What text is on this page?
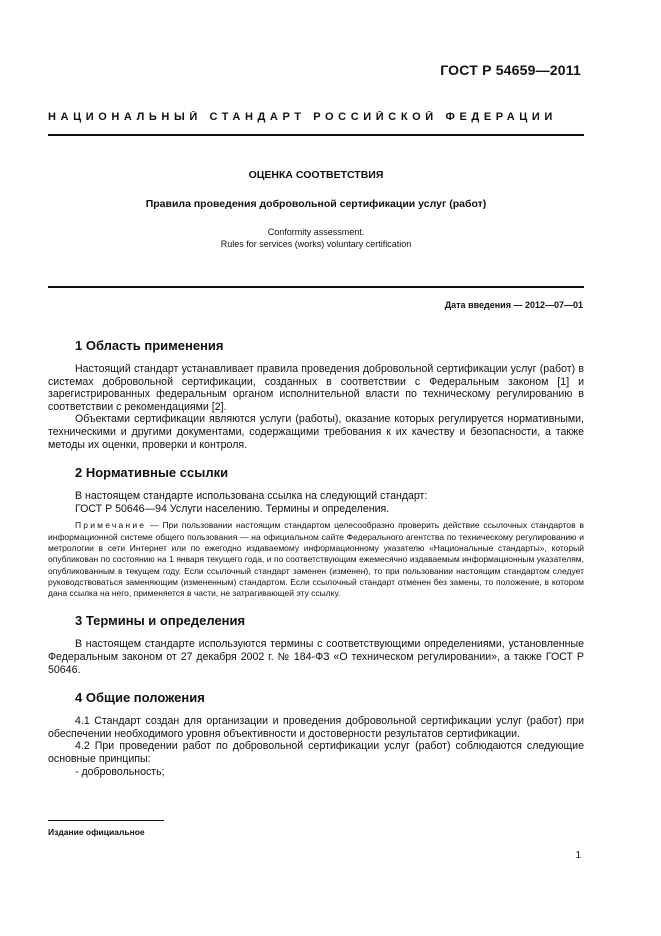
ГОСТ Р 54659—2011
НАЦИОНАЛЬНЫЙ СТАНДАРТ РОССИЙСКОЙ ФЕДЕРАЦИИ
ОЦЕНКА СООТВЕТСТВИЯ
Правила проведения добровольной сертификации услуг (работ)
Conformity assessment.
Rules for services (works) voluntary certification
Дата введения — 2012—07—01
1 Область применения

Настоящий стандарт устанавливает правила проведения добровольной сертификации услуг (работ) в системах добровольной сертификации, созданных в соответствии с Федеральным законом [1] и зарегистрированных федеральным органом исполнительной власти по техническому регулированию в соответствии с рекомендациями [2].

Объектами сертификации являются услуги (работы), оказание которых регулируется нормативными, техническими и другими документами, содержащими требования к их качеству и безопасности, а также методы их оценки, проверки и контроля.

2 Нормативные ссылки

В настоящем стандарте использована ссылка на следующий стандарт:

ГОСТ Р 50646—94 Услуги населению. Термины и определения.

Примечание — При пользовании настоящим стандартом целесообразно проверить действие ссылочных стандартов в информационной системе общего пользования — на официальном сайте Федерального агентства по техническому регулированию и метрологии в сети Интернет или по ежегодно издаваемому информационному указателю «Национальные стандарты», который опубликован по состоянию на 1 января текущего года, и по соответствующим ежемесячно издаваемым информационным указателям, опубликованным в текущем году. Если ссылочный стандарт заменен (изменен), то при пользовании настоящим стандартом следует руководствоваться заменяющим (измененным) стандартом. Если ссылочный стандарт отменен без замены, то положение, в котором дана ссылка на него, применяется в части, не затрагивающей эту ссылку.

3 Термины и определения

В настоящем стандарте используются термины с соответствующими определениями, установленные Федеральным законом от 27 декабря 2002 г. № 184-ФЗ «О техническом регулировании», а также ГОСТ Р 50646.

4 Общие положения

4.1 Стандарт создан для организации и проведения добровольной сертификации услуг (работ) при обеспечении необходимого уровня объективности и достоверности результатов сертификации.

4.2 При проведении работ по добровольной сертификации услуг (работ) соблюдаются следующие основные принципы:

- добровольность;

Издание официальное
1
